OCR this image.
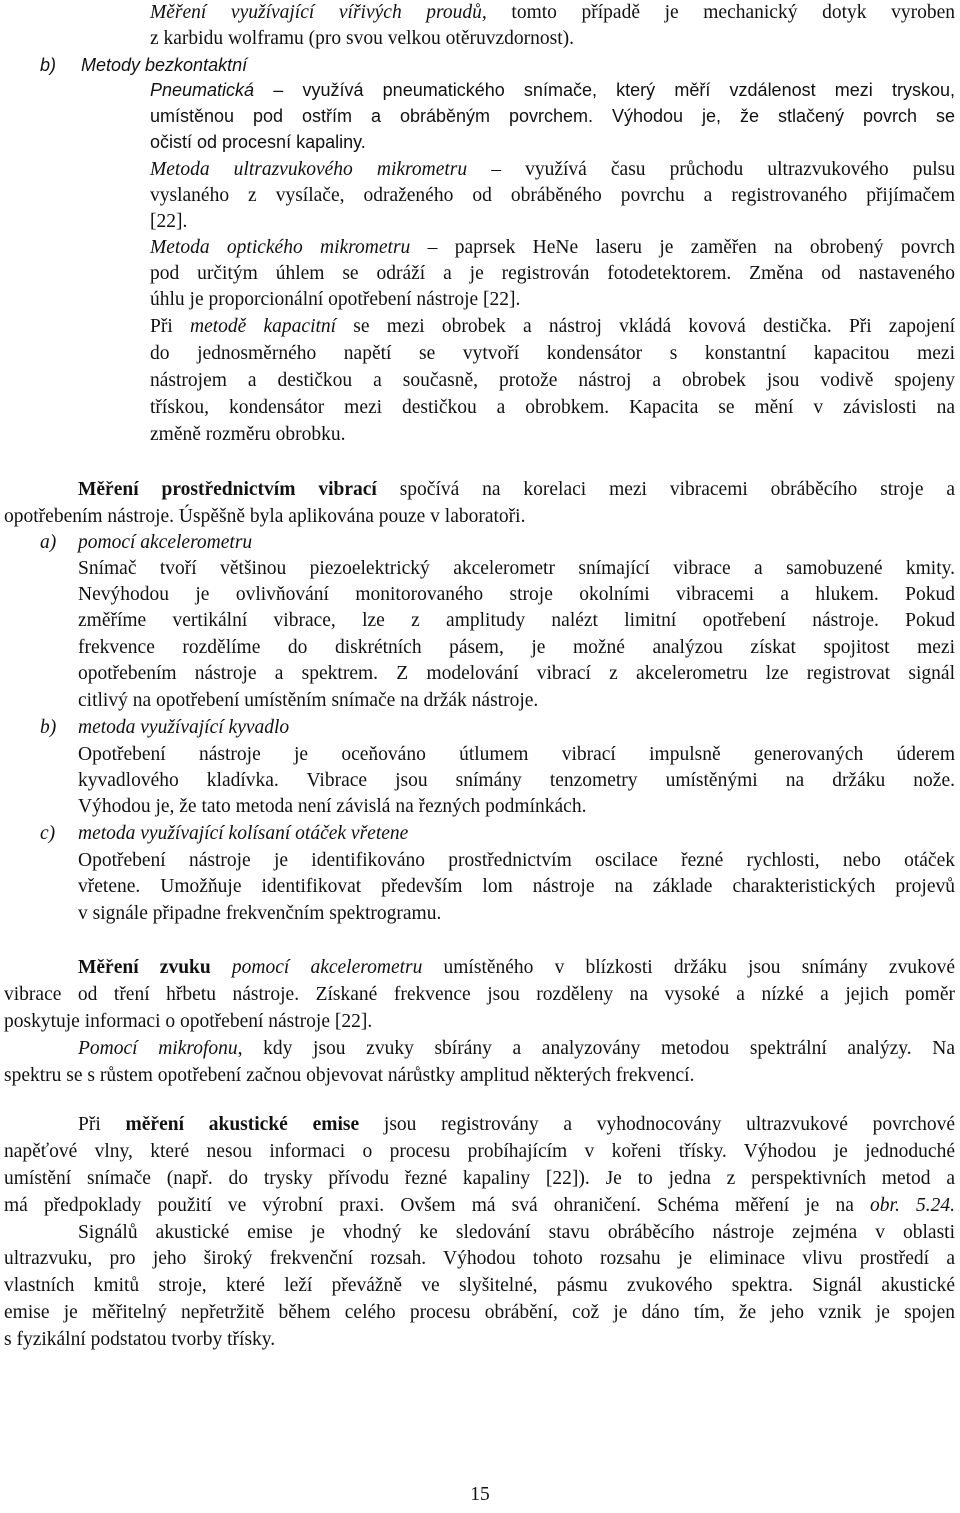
Měření využívající vířivých proudů, tomto případě je mechanický dotyk vyroben

z karbidu wolframu (pro svou velkou otěruvzdornost).

b) Metody bezkontaktní

Pneumatická – využívá pneumatického snímače, který měří vzdálenost mezi tryskou,

umístěnou pod ostřím a obráběným povrchem. Výhodou je, že stlačený povrch se

očistí od procesní kapaliny.

Metoda ultrazvukového mikrometru – využívá času průchodu ultrazvukového pulsu

vyslaného z vysílače, odraženého od obráběného povrchu a registrovaného přijímačem

[22].

Metoda optického mikrometru – paprsek HeNe laseru je zaměřen na obrobený povrch

pod určitým úhlem se odráží a je registrován fotodetektorem. Změna od nastaveného

úhlu je proporcionální opotřebení nástroje [22].

Při metodě kapacitní se mezi obrobek a nástroj vkládá kovová destička. Při zapojení

do jednosměrného napětí se vytvoří kondensátor s konstantní kapacitou mezi

nástrojem a destičkou a současně, protože nástroj a obrobek jsou vodivě spojeny

třískou, kondensátor mezi destičkou a obrobkem. Kapacita se mění v závislosti na

změně rozměru obrobku.

Měření prostřednictvím vibrací spočívá na korelaci mezi vibracemi obráběcího stroje a

opotřebením nástroje. Úspěšně byla aplikována pouze v laboratoři.

a) pomocí akcelerometru

Snímač tvoří většinou piezoelektrický akcelerometr snímající vibrace a samobuzené kmity.

Nevýhodou je ovlivňování monitorovaného stroje okolními vibracemi a hlukem. Pokud

změříme vertikální vibrace, lze z amplitudy nalézt limitní opotřebení nástroje. Pokud

frekvence rozdělíme do diskrétních pásem, je možné analýzou získat spojitost mezi

opotřebením nástroje a spektrem. Z modelování vibrací z akcelerometru lze registrovat signál

citlivý na opotřebení umístěním snímače na držák nástroje.

b) metoda využívající kyvadlo

Opotřebení nástroje je oceňováno útlumem vibrací impulsně generovaných úderem

kyvadlového kladívka. Vibrace jsou snímány tenzometry umístěnými na držáku nože.

Výhodou je, že tato metoda není závislá na řezných podmínkách.

c) metoda využívající kolísaní otáček vřetene

Opotřebení nástroje je identifikováno prostřednictvím oscilace řezné rychlosti, nebo otáček

vřetene. Umožňuje identifikovat především lom nástroje na základe charakteristických projevů

v signále připadne frekvenčním spektrogramu.

Měření zvuku pomocí akcelerometru umístěného v blízkosti držáku jsou snímány zvukové

vibrace od tření hřbetu nástroje. Získané frekvence jsou rozděleny na vysoké a nízké a jejich poměr

poskytuje informaci o opotřebení nástroje [22].

Pomocí mikrofonu, kdy jsou zvuky sbírány a analyzovány metodou spektrální analýzy. Na

spektru se s růstem opotřebení začnou objevovat nárůstky amplitud některých frekvencí.

Při měření akustické emise jsou registrovány a vyhodnocovány ultrazvukové povrchové

napěťové vlny, které nesou informaci o procesu probíhajícím v kořeni třísky. Výhodou je jednoduché

umístění snímače (např. do trysky přívodu řezné kapaliny [22]). Je to jedna z perspektivních metod a

má předpoklady použití ve výrobní praxi. Ovšem má svá ohraničení. Schéma měření je na obr. 5.24.

Signálů akustické emise je vhodný ke sledování stavu obráběcího nástroje zejména v oblasti

ultrazvuku, pro jeho široký frekvenční rozsah. Výhodou tohoto rozsahu je eliminace vlivu prostředí a

vlastních kmitů stroje, které leží převážně ve slyšitelné, pásmu zvukového spektra. Signál akustické

emise je měřitelný nepřetržitě během celého procesu obrábění, což je dáno tím, že jeho vznik je spojen

s fyzikální podstatou tvorby třísky.

15
